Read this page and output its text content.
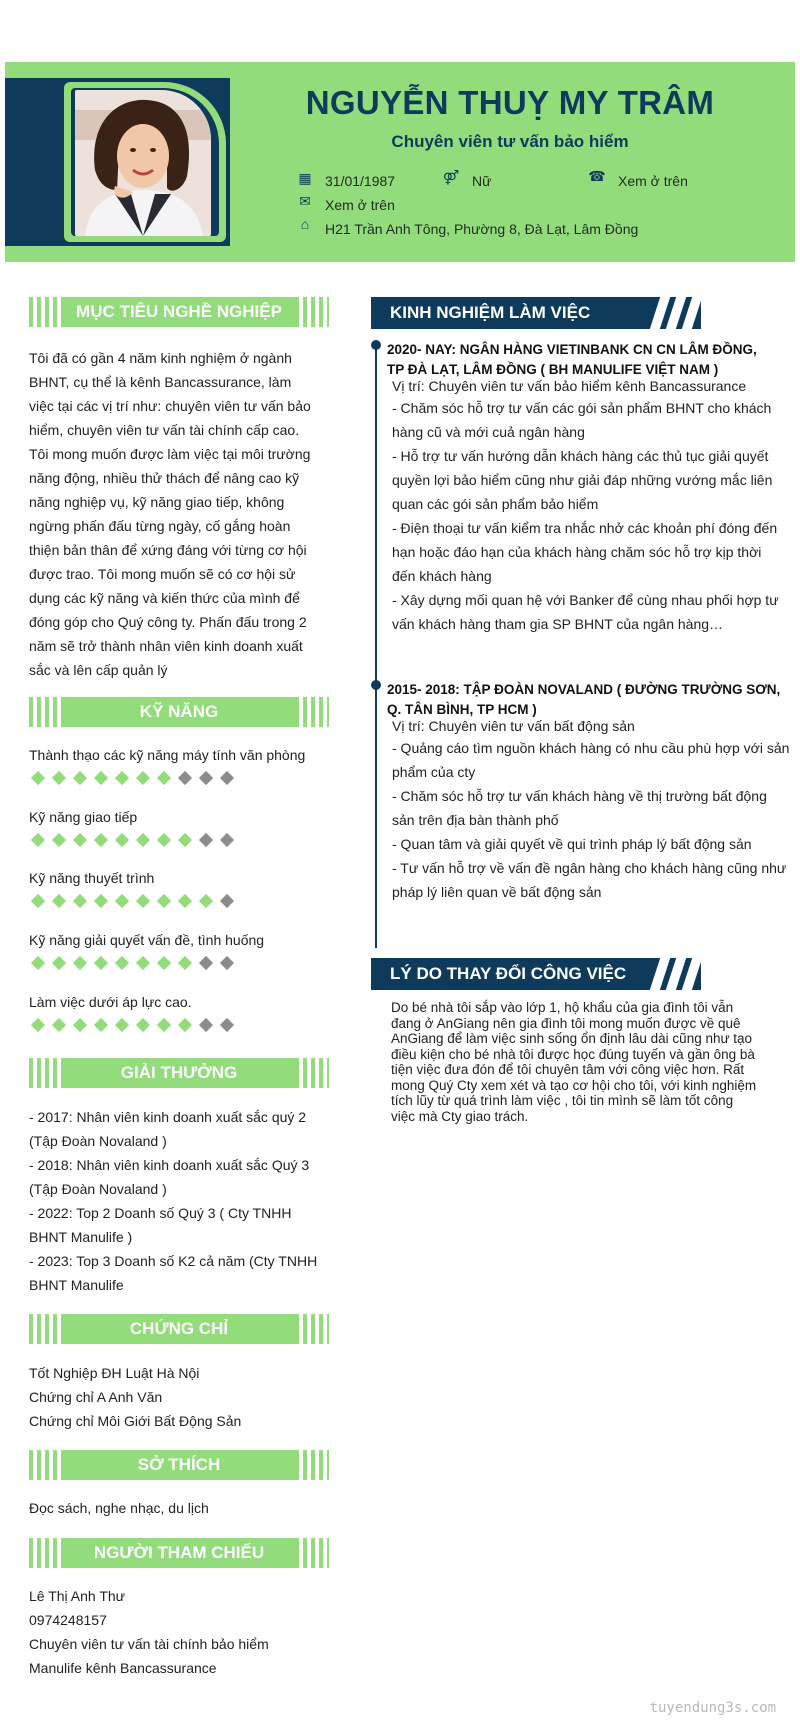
NGUYỄN THUỴ MY TRÂM
Chuyên viên tư vấn bảo hiểm
▦ 31/01/1987	⚤ Nữ	☎ Xem ở trên
✉ Xem ở trên
⌂	H21 Trần Anh Tông, Phường 8, Đà Lạt, Lâm Đồng
MỤC TIÊU NGHỀ NGHIỆP
Tôi đã có gần 4 năm kinh nghiệm ở ngành
BHNT, cụ thể là kênh Bancassurance, làm
việc tại các vị trí như: chuyên viên tư vấn bảo
hiểm, chuyên viên tư vấn tài chính cấp cao.
Tôi mong muốn được làm việc tại môi trường
năng động, nhiều thử thách để nâng cao kỹ
năng nghiệp vụ, kỹ năng giao tiếp, không
ngừng phấn đấu từng ngày, cố gắng hoàn
thiện bản thân để xứng đáng với từng cơ hội
được trao. Tôi mong muốn sẽ có cơ hội sử
dụng các kỹ năng và kiến thức của mình để
đóng góp cho Quý công ty. Phấn đấu trong 2
năm sẽ trở thành nhân viên kinh doanh xuất
sắc và lên cấp quản lý
KỸ NĂNG
Thành thạo các kỹ năng máy tính văn phòng
Kỹ năng giao tiếp
Kỹ năng thuyết trình
Kỹ năng giải quyết vấn đề, tình huống
Làm việc dưới áp lực cao.
GIẢI THƯỞNG
- 2017: Nhân viên kinh doanh xuất sắc quý 2
(Tập Đoàn Novaland )
- 2018: Nhân viên kinh doanh xuất sắc Quý 3
(Tập Đoàn Novaland )
- 2022: Top 2 Doanh số Quý 3 ( Cty TNHH
BHNT Manulife )
- 2023: Top 3 Doanh số K2 cả năm (Cty TNHH
BHNT Manulife
CHỨNG CHỈ
Tốt Nghiệp ĐH Luật Hà Nội
Chứng chỉ A Anh Văn
Chứng chỉ Môi Giới Bất Động Sản
SỞ THÍCH
Đọc sách, nghe nhạc, du lịch
NGƯỜI THAM CHIẾU
Lê Thị Anh Thư
0974248157
Chuyên viên tư vấn tài chính bảo hiểm
Manulife kênh Bancassurance
KINH NGHIỆM LÀM VIỆC
2020- NAY: NGÂN HÀNG VIETINBANK CN CN LÂM ĐỒNG,
TP ĐÀ LẠT, LÂM ĐỒNG ( BH MANULIFE VIỆT NAM )
Vị trí: Chuyên viên tư vấn bảo hiểm kênh Bancassurance
- Chăm sóc hỗ trợ tư vấn các gói sản phẩm BHNT cho khách
hàng cũ và mới cuả ngân hàng
- Hỗ trợ tư vấn hướng dẫn khách hàng các thủ tục giải quyết
quyền lợi bảo hiểm cũng như giải đáp những vướng mắc liên
quan các gói sản phẩm bảo hiểm
- Điện thoại tư vấn kiểm tra nhắc nhở các khoản phí đóng đến
hạn hoặc đáo hạn của khách hàng chăm sóc hỗ trợ kịp thời
đến khách hàng
- Xây dựng mối quan hệ với Banker để cùng nhau phối hợp tư
vấn khách hàng tham gia SP BHNT của ngân hàng…
2015- 2018: TẬP ĐOÀN NOVALAND ( ĐƯỜNG TRƯỜNG SƠN,
Q. TÂN BÌNH, TP HCM )
Vị trí: Chuyên viên tư vấn bất động sản
- Quảng cáo tìm nguồn khách hàng có nhu cầu phù hợp với sản
phẩm của cty
- Chăm sóc hỗ trợ tư vấn khách hàng về thị trường bất động
sản trên địa bàn thành phố
- Quan tâm và giải quyết về qui trình pháp lý bất động sản
- Tư vấn hỗ trợ về vấn đề ngân hàng cho khách hàng cũng như
pháp lý liên quan về bất động sản
LÝ DO THAY ĐỔI CÔNG VIỆC
Do bé nhà tôi sắp vào lớp 1, hộ khẩu của gia đình tôi vẫn
đang ở AnGiang nên gia đình tôi mong muốn được về quê
AnGiang để làm việc sinh sống ổn định lâu dài cũng như tạo
điều kiện cho bé nhà tôi được học đúng tuyến và gần ông bà
tiện việc đưa đón để tôi chuyên tâm với công việc hơn. Rất
mong Quý Cty xem xét và tạo cơ hội cho tôi, với kinh nghiệm
tích lũy từ quá trình làm việc , tôi tin mình sẽ làm tốt công
việc mà Cty giao trách.
tuyendung3s.com
